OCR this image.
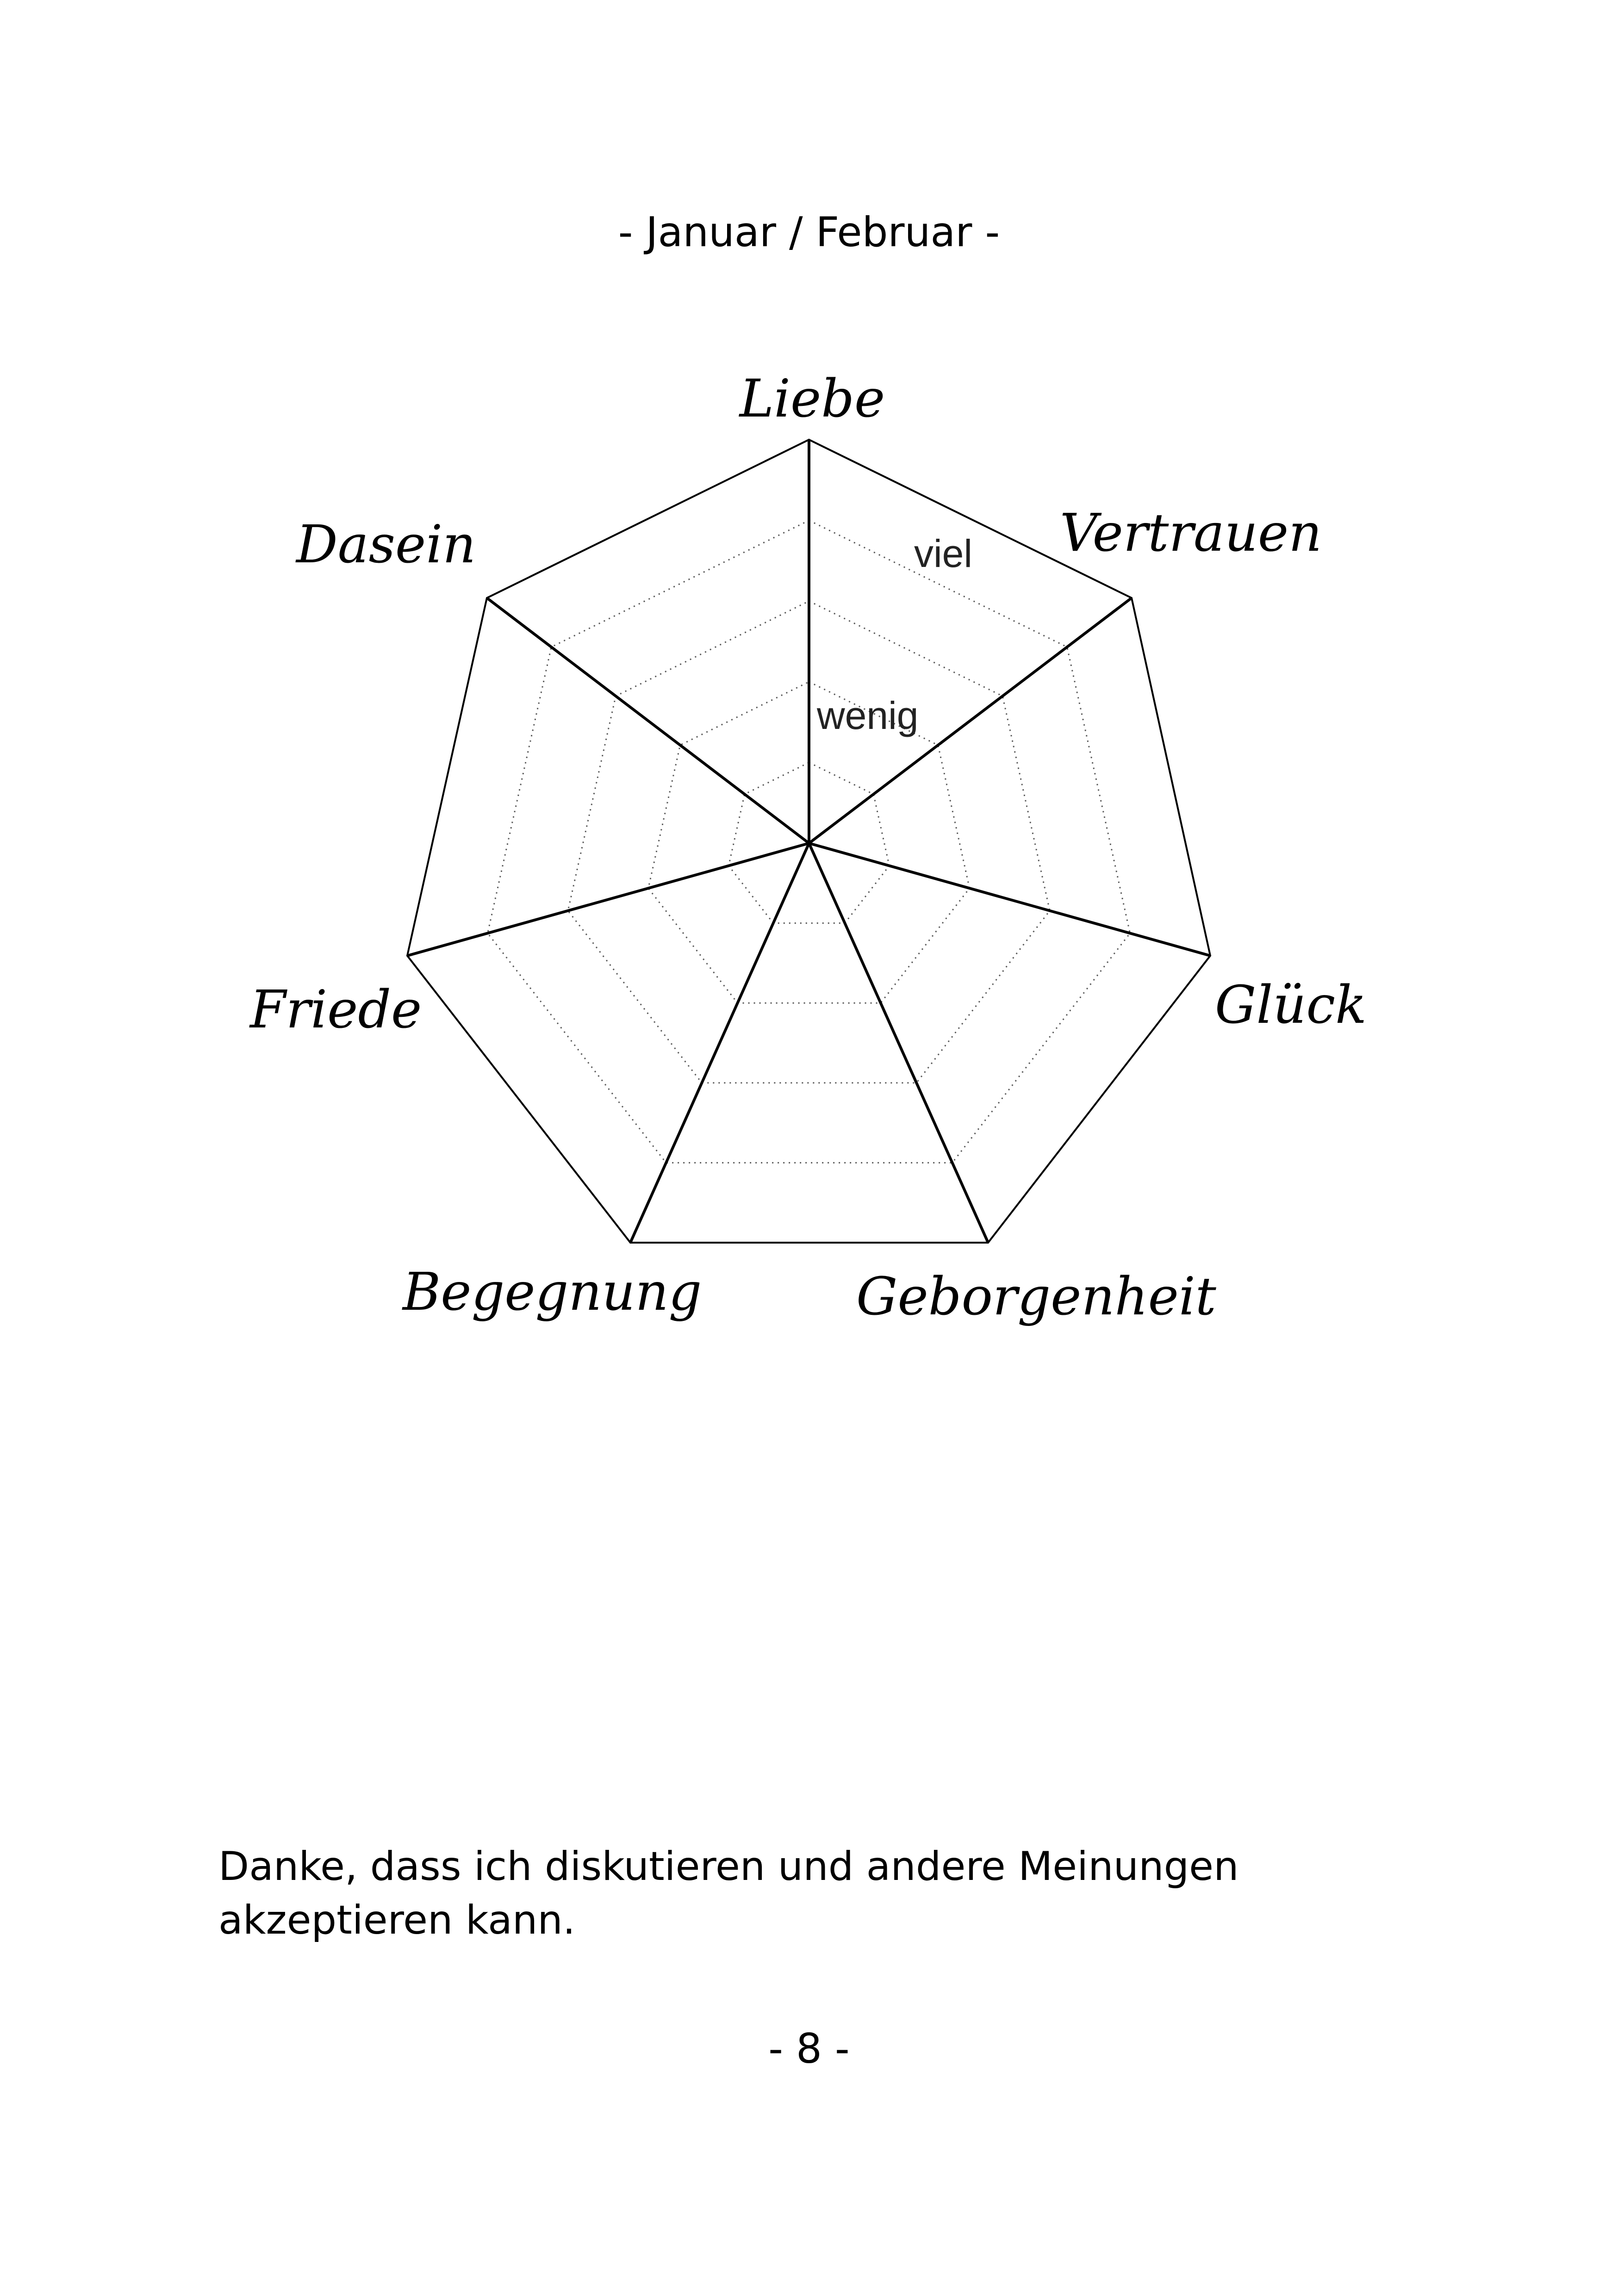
- Januar / Februar -
Liebe
Vertrauen
Glück
Geborgenheit
Begegnung
Friede
Dasein	viel
wenig
Danke, dass ich diskutieren und andere Meinungen
akzeptieren kann.
- 8 -
